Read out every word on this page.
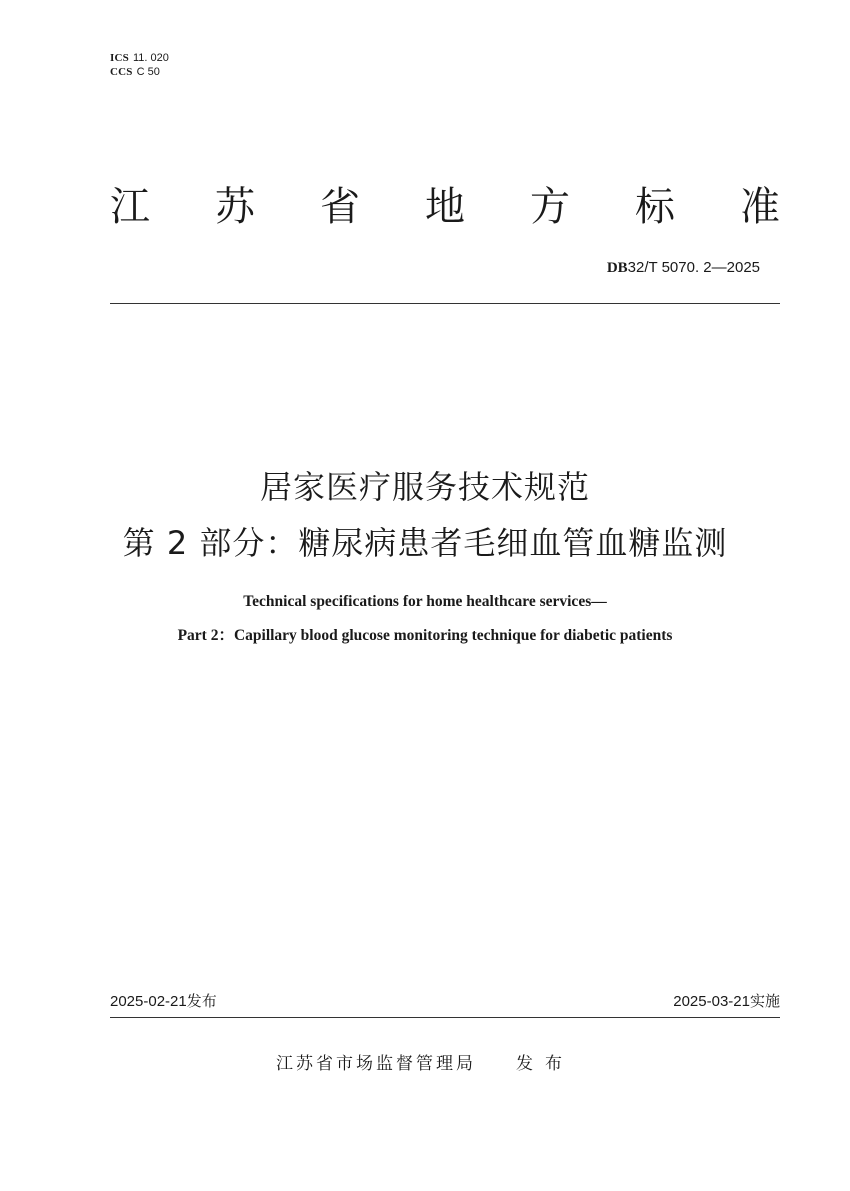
ICS 11. 020
CCS C 50
江 苏 省 地 方 标 准
DB32/T 5070. 2—2025
居家医疗服务技术规范
第 2 部分：糖尿病患者毛细血管血糖监测
Technical specifications for home healthcare services—
Part 2：Capillary blood glucose monitoring technique for diabetic patients
2025-02-21发布	2025-03-21实施
江苏省市场监督管理局 发布
